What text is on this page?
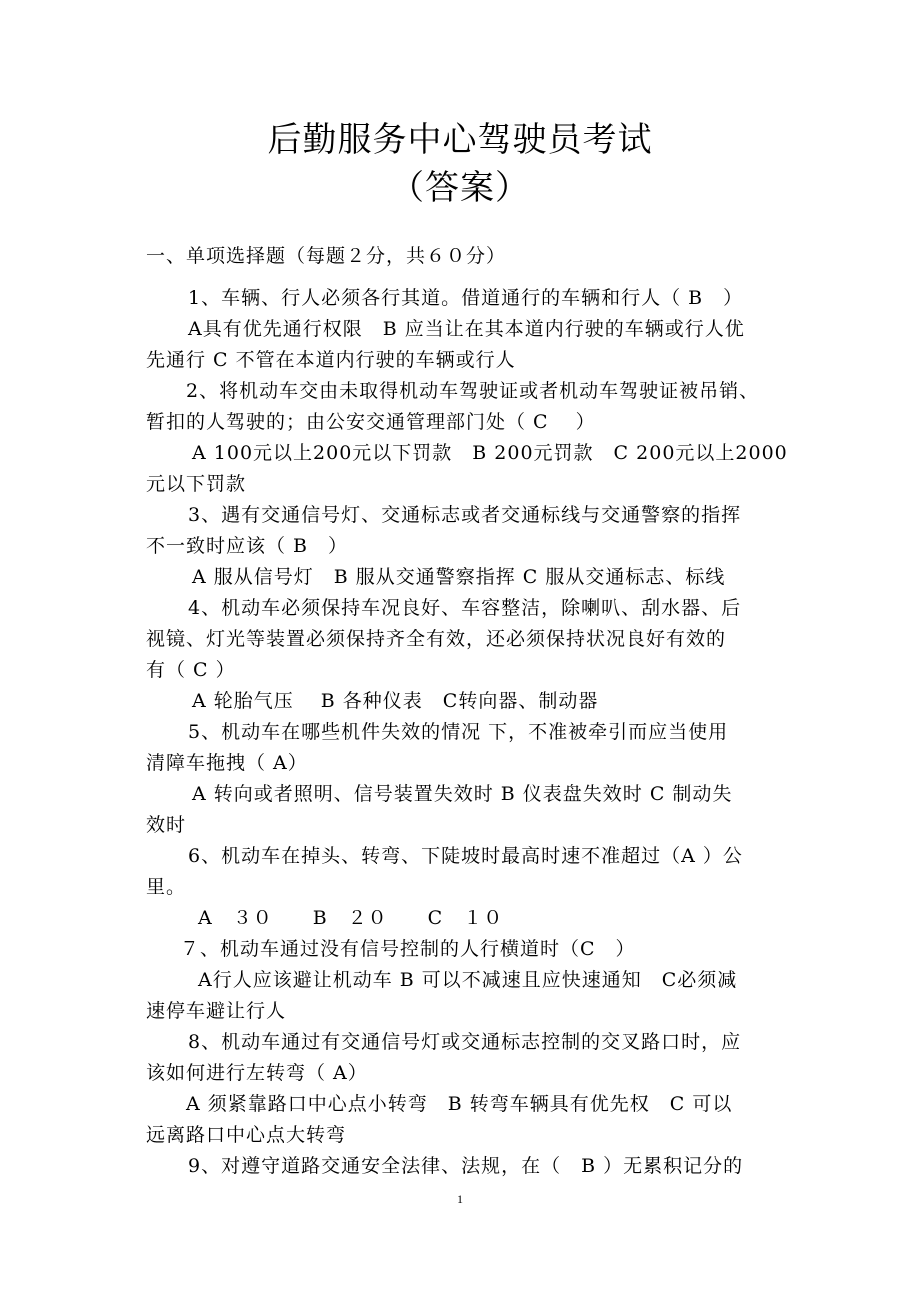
后勤服务中心驾驶员考试
（答案）
一、单项选择题（每题２分，共６０分）
1、车辆、行人必须各行其道。借道通行的车辆和行人（ B　）
A具有优先通行权限　B 应当让在其本道内行驶的车辆或行人优
先通行 C 不管在本道内行驶的车辆或行人
2、将机动车交由未取得机动车驾驶证或者机动车驾驶证被吊销、
暂扣的人驾驶的；由公安交通管理部门处（ C　 ）
A 100元以上200元以下罚款　B 200元罚款　C 200元以上2000
元以下罚款
3、遇有交通信号灯、交通标志或者交通标线与交通警察的指挥
不一致时应该（ B　）
A 服从信号灯　B 服从交通警察指挥 C 服从交通标志、标线
4、机动车必须保持车况良好、车容整洁，除喇叭、刮水器、后
视镜、灯光等装置必须保持齐全有效，还必须保持状况良好有效的
有（ C ）
A 轮胎气压　 B 各种仪表　C转向器、制动器
5、机动车在哪些机件失效的情况 下，不准被牵引而应当使用
清障车拖拽（ A）
A 转向或者照明、信号装置失效时 B 仪表盘失效时 C 制动失
效时
6、机动车在掉头、转弯、下陡坡时最高时速不准超过（A ）公
里。
A　３０　　B　２０　　C　１０
７、机动车通过没有信号控制的人行横道时（C　）
A行人应该避让机动车 B 可以不减速且应快速通知　C必须减
速停车避让行人
8、机动车通过有交通信号灯或交通标志控制的交叉路口时，应
该如何进行左转弯（ A）
A 须紧靠路口中心点小转弯　B 转弯车辆具有优先权　C 可以
远离路口中心点大转弯
9、对遵守道路交通安全法律、法规，在（　B ）无累积记分的
1
